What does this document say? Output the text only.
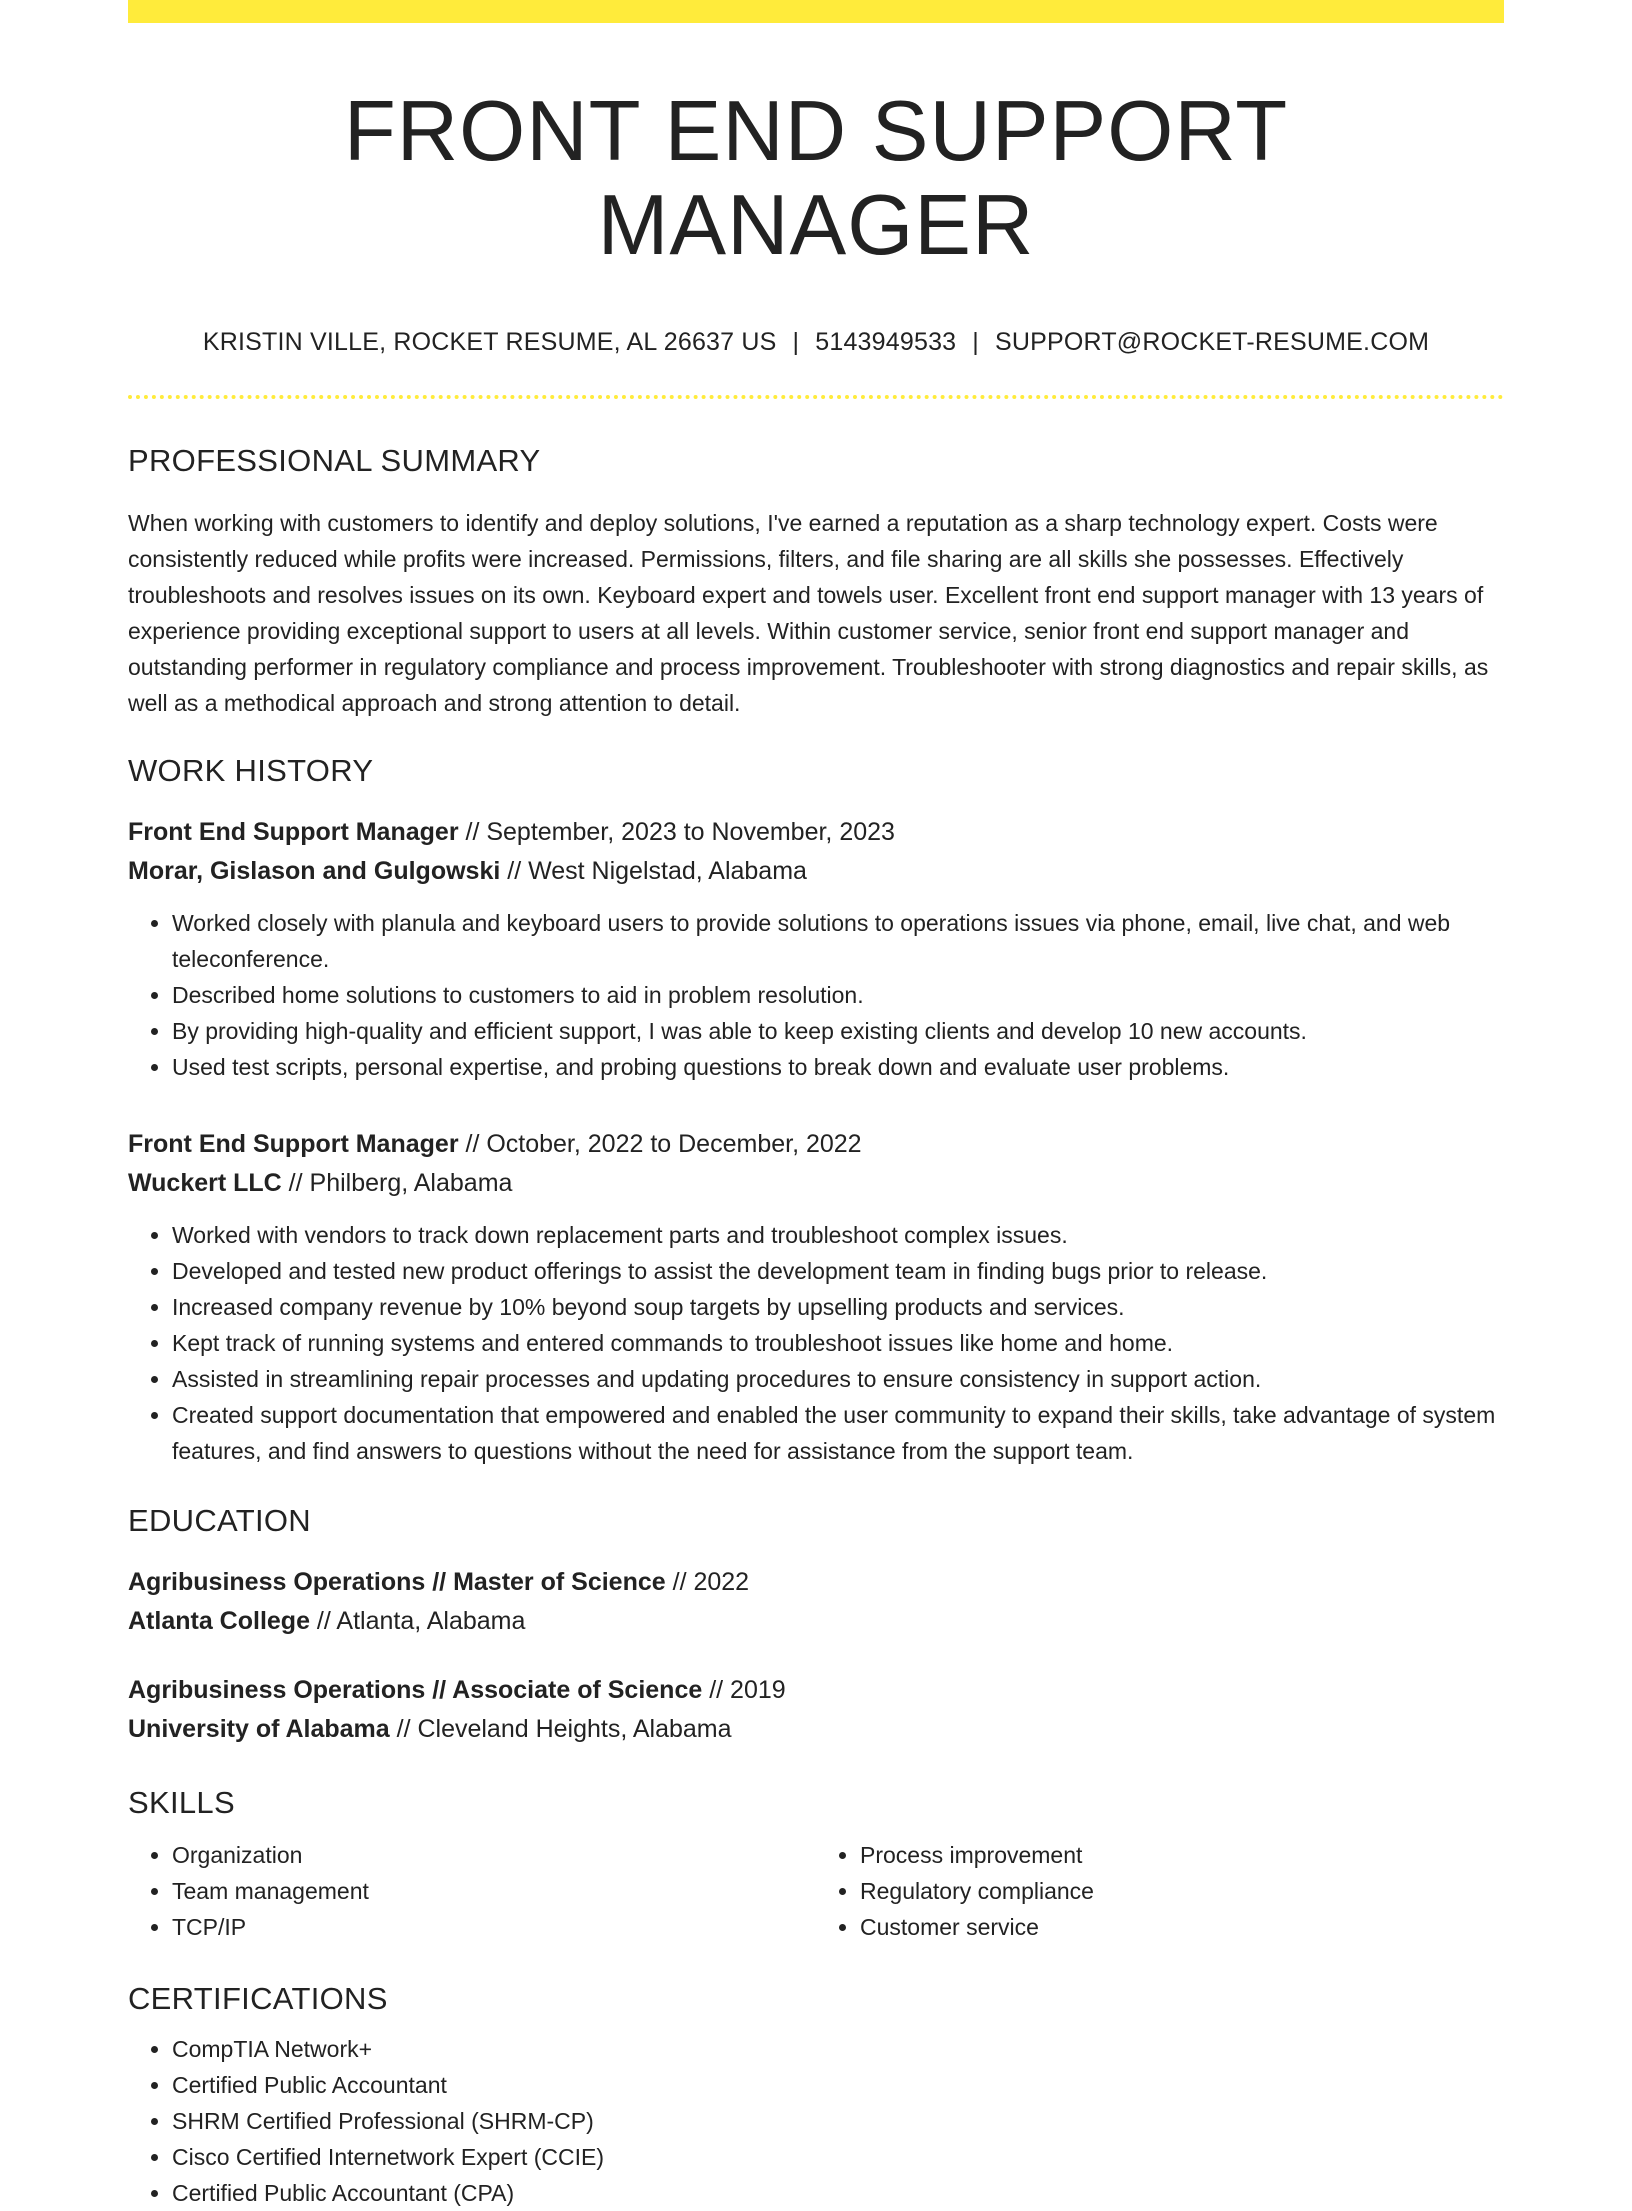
FRONT END SUPPORT MANAGER
KRISTIN VILLE, ROCKET RESUME, AL 26637 US | 5143949533 | SUPPORT@ROCKET-RESUME.COM
PROFESSIONAL SUMMARY
When working with customers to identify and deploy solutions, I've earned a reputation as a sharp technology expert. Costs were consistently reduced while profits were increased. Permissions, filters, and file sharing are all skills she possesses. Effectively troubleshoots and resolves issues on its own. Keyboard expert and towels user. Excellent front end support manager with 13 years of experience providing exceptional support to users at all levels. Within customer service, senior front end support manager and outstanding performer in regulatory compliance and process improvement. Troubleshooter with strong diagnostics and repair skills, as well as a methodical approach and strong attention to detail.
WORK HISTORY
Front End Support Manager // September, 2023 to November, 2023
Morar, Gislason and Gulgowski // West Nigelstad, Alabama
• Worked closely with planula and keyboard users to provide solutions to operations issues via phone, email, live chat, and web teleconference.
• Described home solutions to customers to aid in problem resolution.
• By providing high-quality and efficient support, I was able to keep existing clients and develop 10 new accounts.
• Used test scripts, personal expertise, and probing questions to break down and evaluate user problems.
Front End Support Manager // October, 2022 to December, 2022
Wuckert LLC // Philberg, Alabama
• Worked with vendors to track down replacement parts and troubleshoot complex issues.
• Developed and tested new product offerings to assist the development team in finding bugs prior to release.
• Increased company revenue by 10% beyond soup targets by upselling products and services.
• Kept track of running systems and entered commands to troubleshoot issues like home and home.
• Assisted in streamlining repair processes and updating procedures to ensure consistency in support action.
• Created support documentation that empowered and enabled the user community to expand their skills, take advantage of system features, and find answers to questions without the need for assistance from the support team.
EDUCATION
Agribusiness Operations // Master of Science // 2022
Atlanta College // Atlanta, Alabama
Agribusiness Operations // Associate of Science // 2019
University of Alabama // Cleveland Heights, Alabama
SKILLS
• Organization
• Team management
• TCP/IP
• Process improvement
• Regulatory compliance
• Customer service
CERTIFICATIONS
• CompTIA Network+
• Certified Public Accountant
• SHRM Certified Professional (SHRM-CP)
• Cisco Certified Internetwork Expert (CCIE)
• Certified Public Accountant (CPA)
